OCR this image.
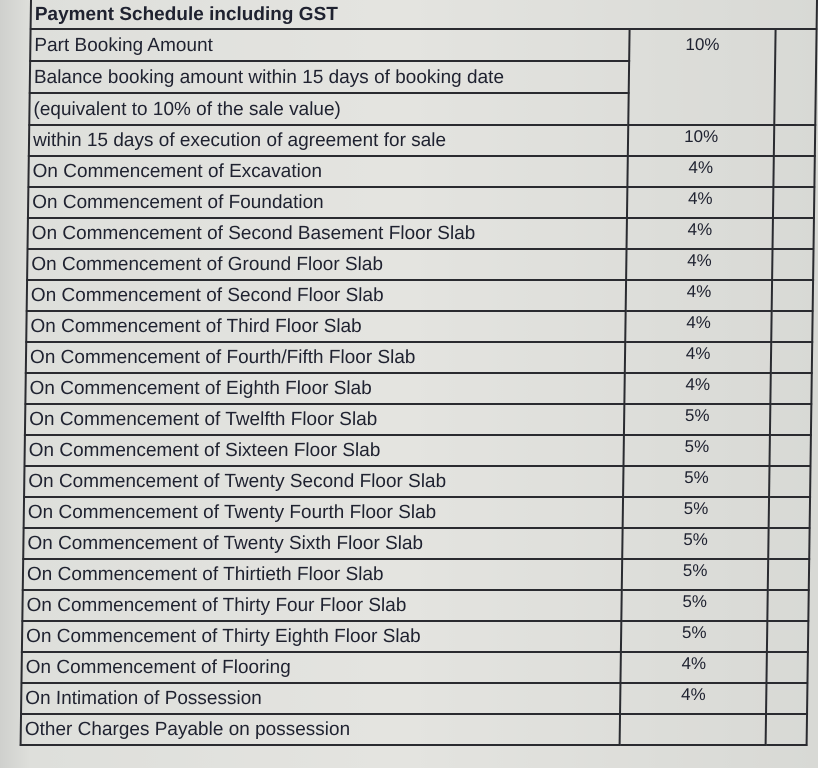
Payment Schedule including GST		
Part Booking Amount	10%	
Balance booking amount within 15 days of booking date		
(equivalent to 10% of the sale value)		
within 15 days of execution of agreement for sale	10%	
On Commencement of Excavation	4%	
On Commencement of Foundation	4%	
On Commencement of Second Basement Floor Slab	4%	
On Commencement of Ground Floor Slab	4%	
On Commencement of Second Floor Slab	4%	
On Commencement of Third Floor Slab	4%	
On Commencement of Fourth/Fifth Floor Slab	4%	
On Commencement of Eighth Floor Slab	4%	
On Commencement of Twelfth Floor Slab	5%	
On Commencement of Sixteen Floor Slab	5%	
On Commencement of Twenty Second Floor Slab	5%	
On Commencement of Twenty Fourth Floor Slab	5%	
On Commencement of Twenty Sixth Floor Slab	5%	
On Commencement of Thirtieth Floor Slab	5%	
On Commencement of Thirty Four Floor Slab	5%	
On Commencement of Thirty Eighth Floor Slab	5%	
On Commencement of Flooring	4%	
On Intimation of Possession	4%	
Other Charges Payable on possession		
